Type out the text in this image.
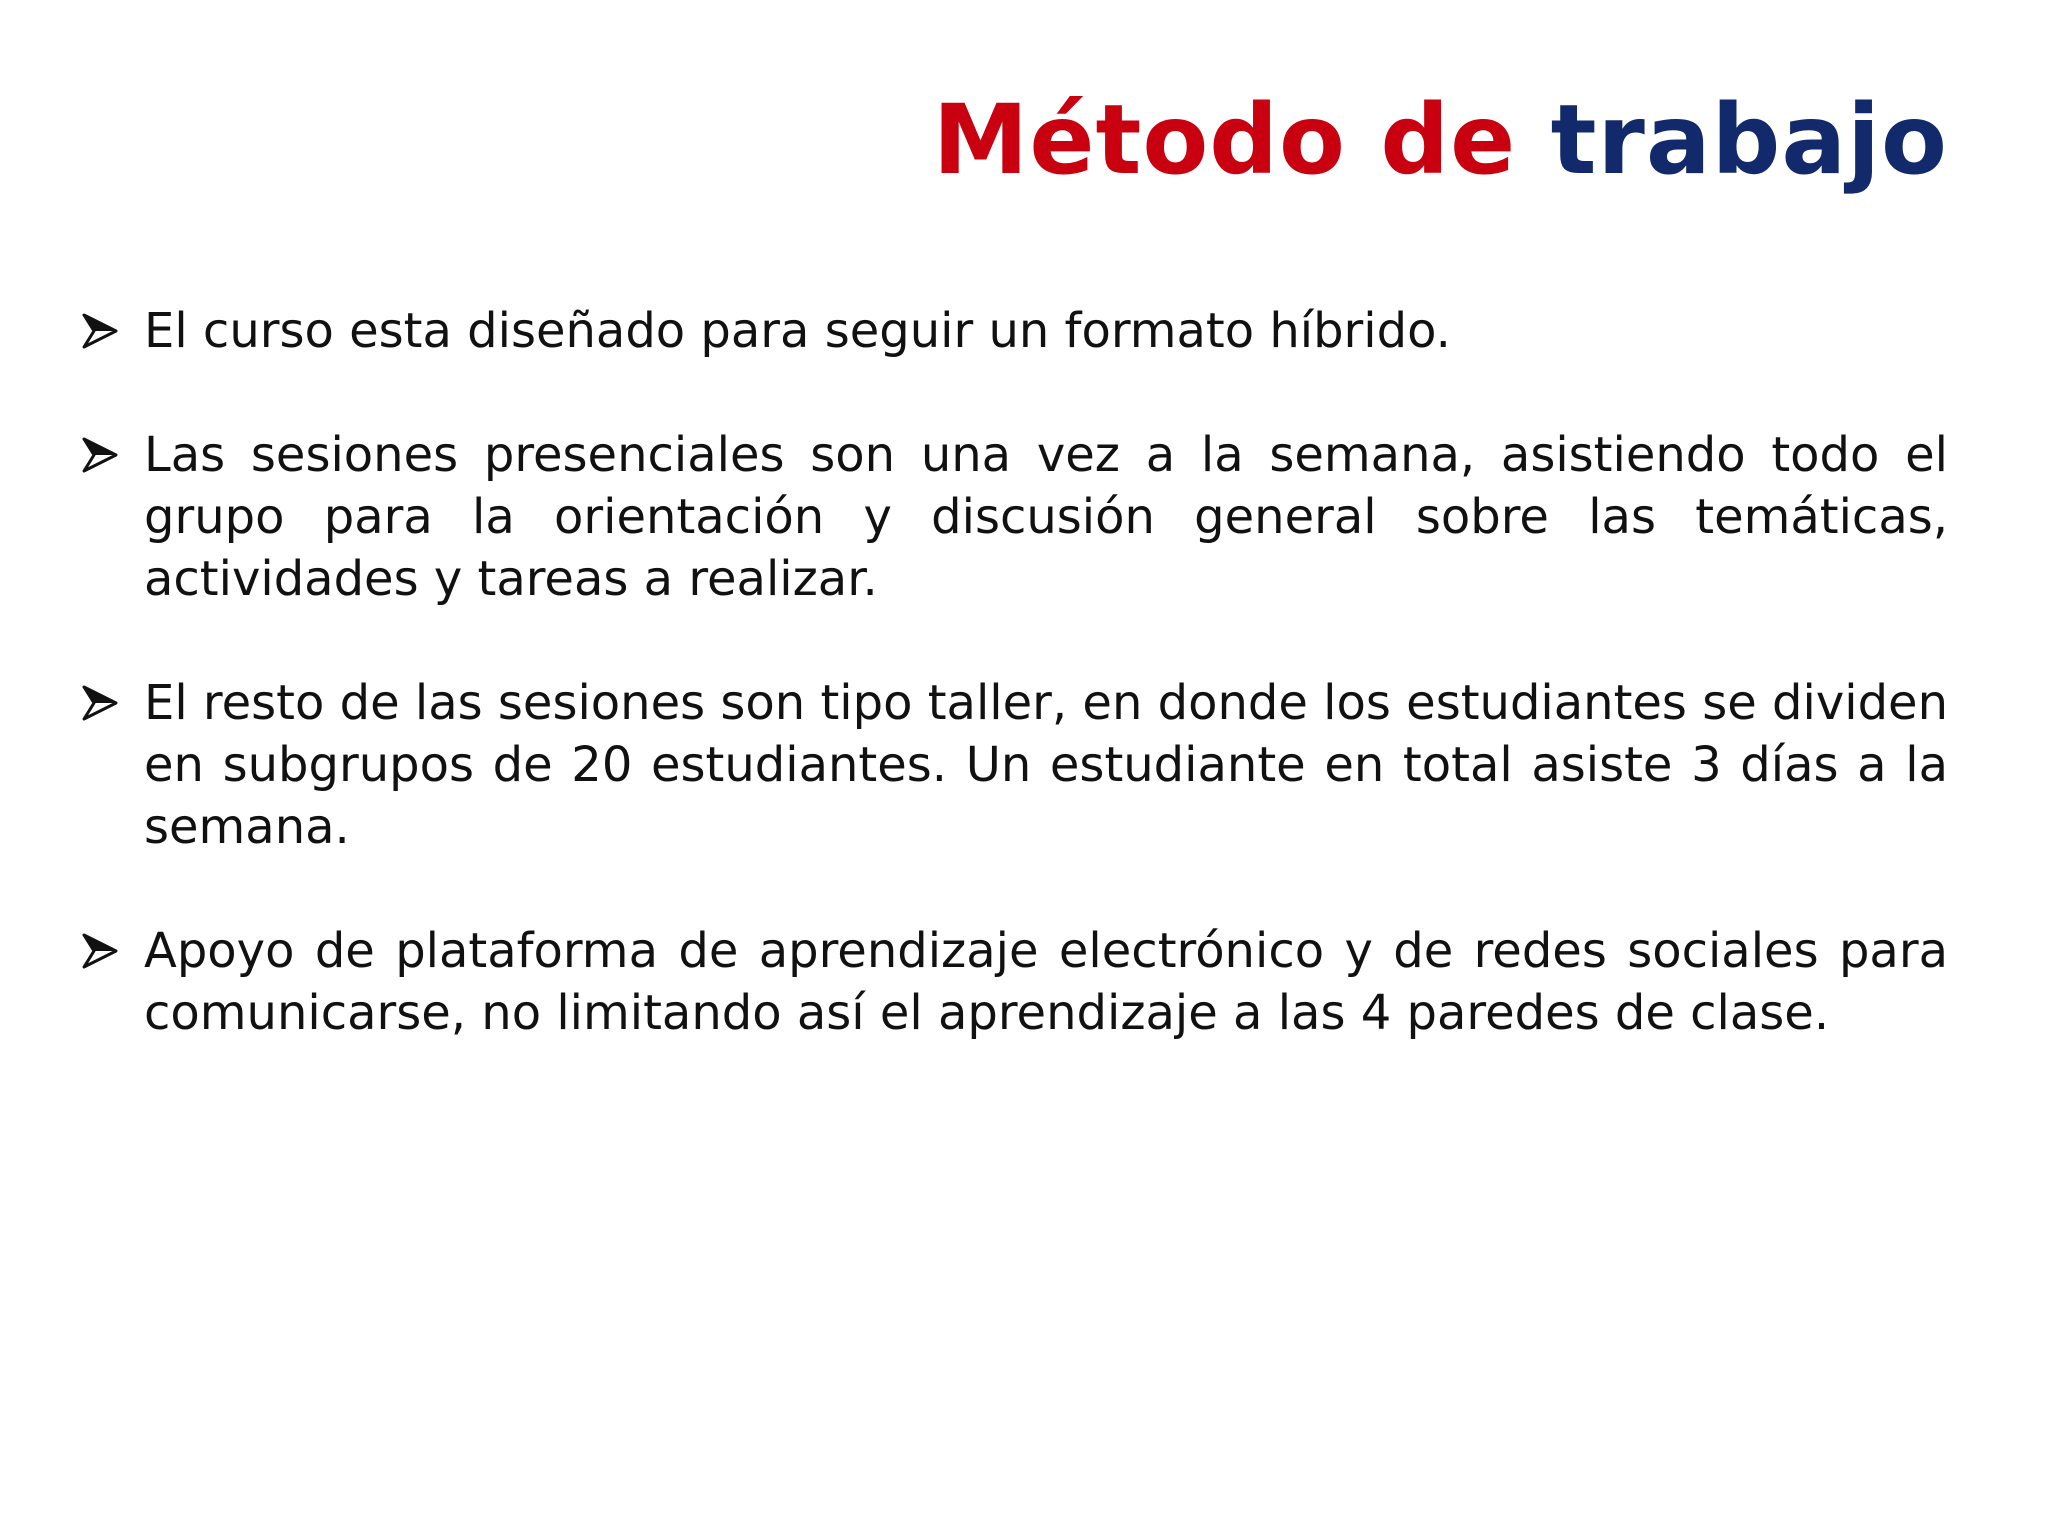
Método de trabajo
El curso esta diseñado para seguir un formato híbrido.
Las sesiones presenciales son una vez a la semana, asistiendo todo el grupo para la orientación y discusión general sobre las temáticas, actividades y tareas a realizar.
El resto de las sesiones son tipo taller, en donde los estudiantes se dividen en subgrupos de 20 estudiantes. Un estudiante en total asiste 3 días a la semana.
Apoyo de plataforma de aprendizaje electrónico y de redes sociales para comunicarse, no limitando así el aprendizaje a las 4 paredes de clase.
